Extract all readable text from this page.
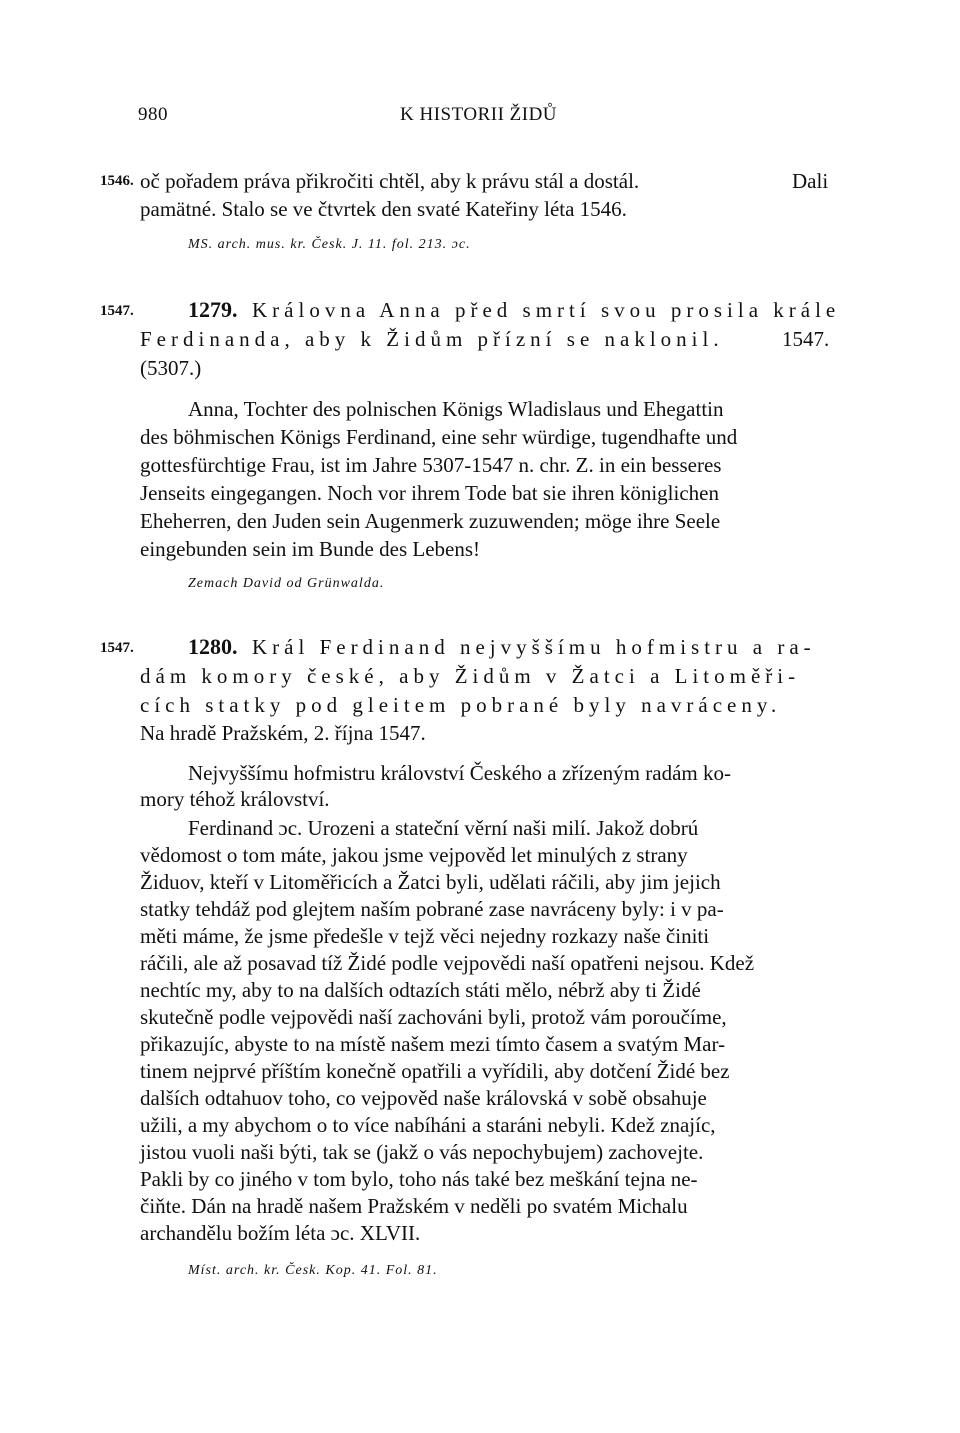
980	K HISTORII ŽIDŮ
1546. oč pořadem práva přikročiti chtěl, aby k právu stál a dostál.	Dali
pamätné. Stalo se ve čtvrtek den svaté Kateřiny léta 1546.
MS. arch. mus. kr. Česk. J. 11. fol. 213. ɔc.
1547. 1279. Královna Anna před smrtí svou prosila krále
Ferdinanda, aby k Židům přízní se naklonil.	1547.
(5307.)
Anna, Tochter des polnischen Königs Wladislaus und Ehegattin
des böhmischen Königs Ferdinand, eine sehr würdige, tugendhafte und
gottesfürchtige Frau, ist im Jahre 5307-1547 n. chr. Z. in ein besseres
Jenseits eingegangen. Noch vor ihrem Tode bat sie ihren königlichen
Eheherren, den Juden sein Augenmerk zuzuwenden; möge ihre Seele
eingebunden sein im Bunde des Lebens!
Zemach David od Grünwalda.
1547. 1280. Král Ferdinand nejvyššímu hofmistru a ra-
dám komory české, aby Židům v Žatci a Litoměři-
cích statky pod gleitem pobrané byly navráceny.
Na hradě Pražském, 2. října 1547.
Nejvyššímu hofmistru království Českého a zřízeným radám ko-
mory téhož království.
Ferdinand ɔc. Urozeni a stateční věrní naši milí. Jakož dobrú
vědomost o tom máte, jakou jsme vejpověd let minulých z strany
Židuov, kteří v Litoměřicích a Žatci byli, udělati ráčili, aby jim jejich
statky tehdáž pod glejtem naším pobrané zase navráceny byly: i v pa-
měti máme, že jsme předešle v tejž věci nejedny rozkazy naše činiti
ráčili, ale až posavad tíž Židé podle vejpovědi naší opatřeni nejsou. Kdež
nechtíc my, aby to na dalších odtazích státi mělo, nébrž aby ti Židé
skutečně podle vejpovědi naší zachováni byli, protož vám poroučíme,
přikazujíc, abyste to na místě našem mezi tímto časem a svatým Mar-
tinem nejprvé příštím konečně opatřili a vyřídili, aby dotčení Židé bez
dalších odtahuov toho, co vejpověd naše královská v sobě obsahuje
užili, a my abychom o to více nabíháni a staráni nebyli. Kdež znajíc,
jistou vuoli naši býti, tak se (jakž o vás nepochybujem) zachovejte.
Pakli by co jiného v tom bylo, toho nás také bez meškání tejna ne-
čiňte. Dán na hradě našem Pražském v neděli po svatém Michalu
archandělu božím léta ɔc. XLVII.
Míst. arch. kr. Česk. Kop. 41. Fol. 81.
